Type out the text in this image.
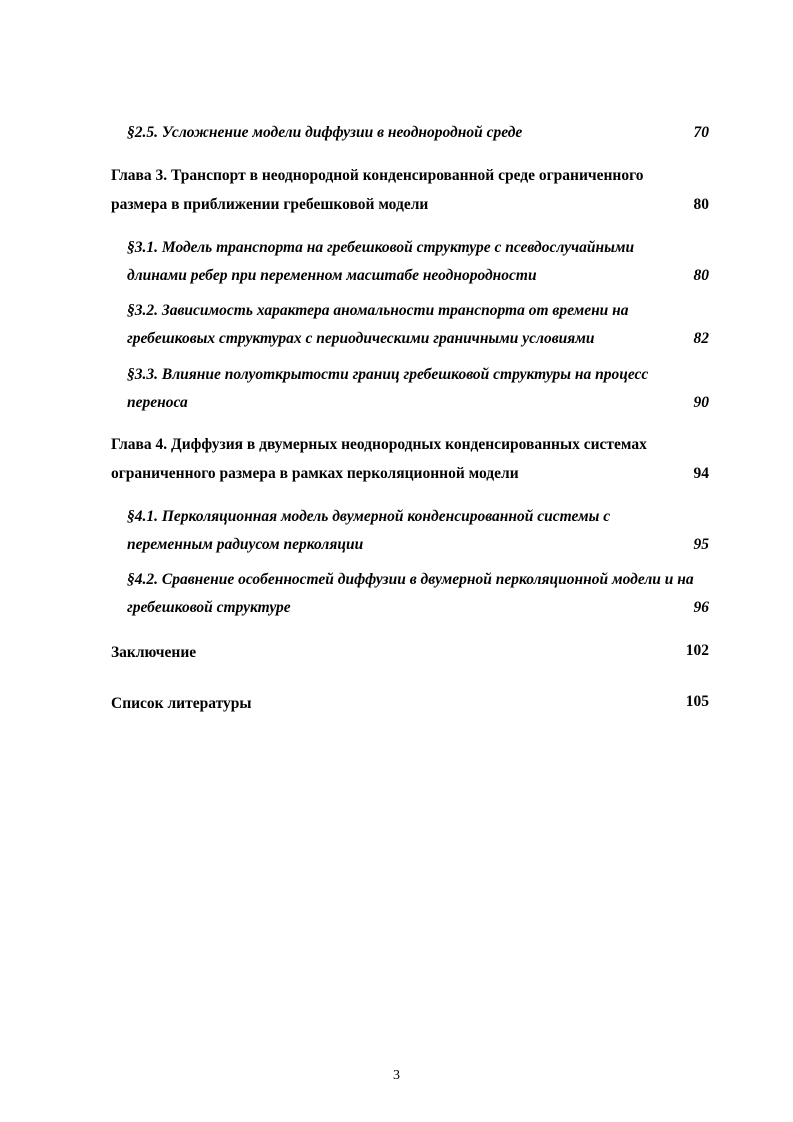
§2.5. Усложнение модели диффузии в неоднородной среде	70
Глава 3. Транспорт в неоднородной конденсированной среде ограниченного
размера в приближении гребешковой модели	80
§3.1. Модель транспорта на гребешковой структуре с псевдослучайными
длинами ребер при переменном масштабе неоднородности	80
§3.2. Зависимость характера аномальности транспорта от времени на
гребешковых структурах с периодическими граничными условиями	82
§3.3. Влияние полуоткрытости границ гребешковой структуры на процесс
переноса	90
Глава 4. Диффузия в двумерных неоднородных конденсированных системах
ограниченного размера в рамках перколяционной модели	94
§4.1. Перколяционная модель двумерной конденсированной системы с
переменным радиусом перколяции	95
§4.2. Сравнение особенностей диффузии в двумерной перколяционной модели и на
гребешковой структуре	96
Заключение	102
Список литературы	105
3
